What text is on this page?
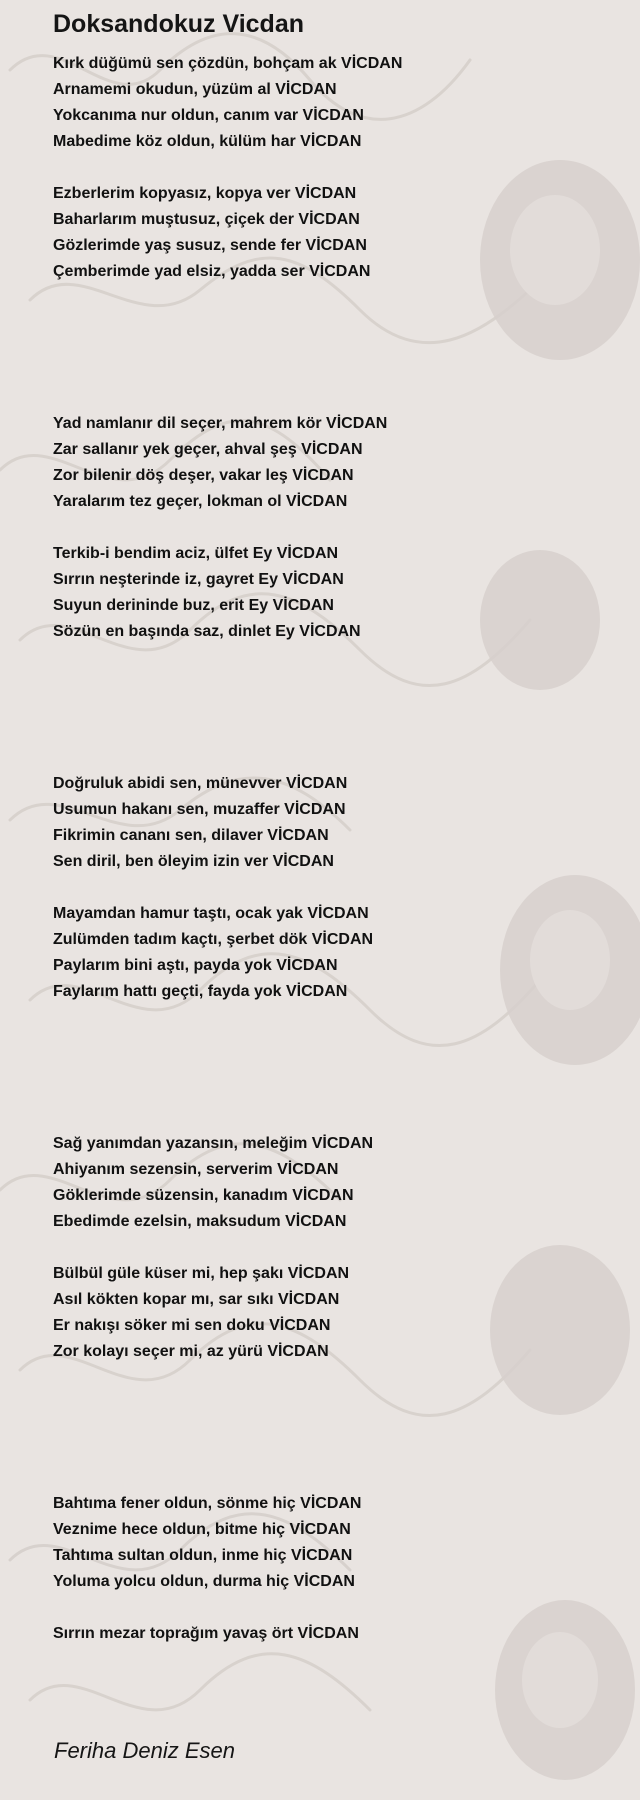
Doksandokuz Vicdan
Kırk düğümü sen çözdün, bohçam ak VİCDAN
Arnamemi okudun, yüzüm al VİCDAN
Yokcanıma nur oldun, canım var VİCDAN
Mabedime köz oldun, külüm har VİCDAN
Ezberlerim kopyasız, kopya ver VİCDAN
Baharlarım muştusuz, çiçek der VİCDAN
Gözlerimde yaş susuz, sende fer VİCDAN
Çemberimde yad elsiz, yadda ser VİCDAN
Yad namlanır dil seçer, mahrem kör VİCDAN
Zar sallanır yek geçer, ahval şeş VİCDAN
Zor bilenir döş deşer, vakar leş VİCDAN
Yaralarım tez geçer, lokman ol VİCDAN
Terkib-i bendim aciz, ülfet Ey VİCDAN
Sırrın neşterinde iz, gayret Ey VİCDAN
Suyun derininde buz, erit Ey VİCDAN
Sözün en başında saz, dinlet Ey VİCDAN
Doğruluk abidi sen, münevver VİCDAN
Usumun hakanı sen, muzaffer VİCDAN
Fikrimin cananı sen, dilaver VİCDAN
Sen diril, ben öleyim izin ver VİCDAN
Mayamdan hamur taştı, ocak yak VİCDAN
Zulümden tadım kaçtı, şerbet dök VİCDAN
Paylarım bini aştı, payda yok VİCDAN
Faylarım hattı geçti, fayda yok VİCDAN
Sağ yanımdan yazansın, meleğim VİCDAN
Ahiyanım sezensin, serverim VİCDAN
Göklerimde süzensin, kanadım VİCDAN
Ebedimde ezelsin, maksudum VİCDAN
Bülbül güle küser mi, hep şakı VİCDAN
Asıl kökten kopar mı, sar sıkı VİCDAN
Er nakışı söker mi sen doku VİCDAN
Zor kolayı seçer mi, az yürü VİCDAN
Bahtıma fener oldun, sönme hiç VİCDAN
Veznime hece oldun, bitme hiç VİCDAN
Tahtıma sultan oldun, inme hiç VİCDAN
Yoluma yolcu oldun, durma hiç VİCDAN
Sırrın mezar toprağım yavaş ört VİCDAN
Feriha Deniz Esen
